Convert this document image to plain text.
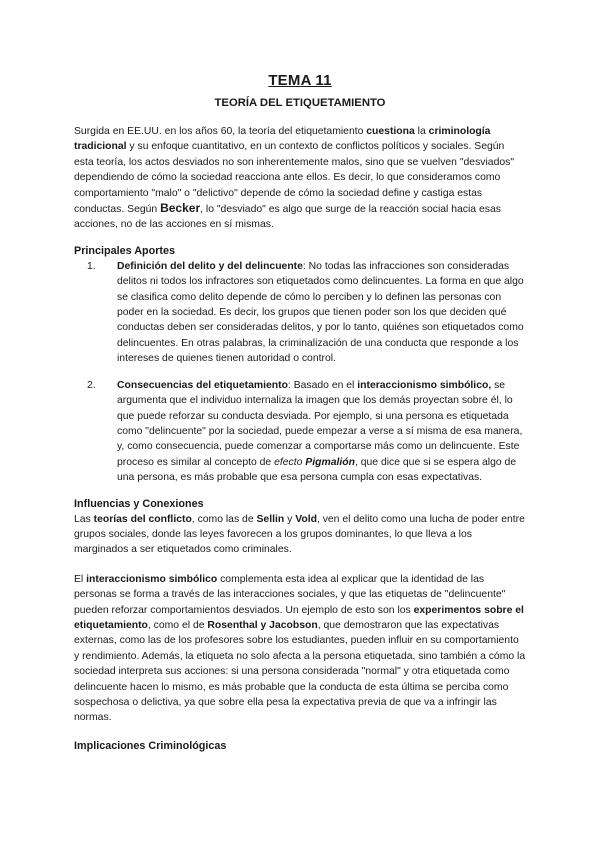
TEMA 11
TEORÍA DEL ETIQUETAMIENTO

Surgida en EE.UU. en los años 60, la teoría del etiquetamiento cuestiona la criminología tradicional y su enfoque cuantitativo, en un contexto de conflictos políticos y sociales. Según esta teoría, los actos desviados no son inherentemente malos, sino que se vuelven "desviados" dependiendo de cómo la sociedad reacciona ante ellos. Es decir, lo que consideramos como comportamiento "malo" o "delictivo" depende de cómo la sociedad define y castiga estas conductas. Según Becker, lo "desviado" es algo que surge de la reacción social hacia esas acciones, no de las acciones en sí mismas.

Principales Aportes
1. Definición del delito y del delincuente: No todas las infracciones son consideradas delitos ni todos los infractores son etiquetados como delincuentes. La forma en que algo se clasifica como delito depende de cómo lo perciben y lo definen las personas con poder en la sociedad. Es decir, los grupos que tienen poder son los que deciden qué conductas deben ser consideradas delitos, y por lo tanto, quiénes son etiquetados como delincuentes. En otras palabras, la criminalización de una conducta que responde a los intereses de quienes tienen autoridad o control.

2. Consecuencias del etiquetamiento: Basado en el interaccionismo simbólico, se argumenta que el individuo internaliza la imagen que los demás proyectan sobre él, lo que puede reforzar su conducta desviada. Por ejemplo, si una persona es etiquetada como "delincuente" por la sociedad, puede empezar a verse a sí misma de esa manera, y, como consecuencia, puede comenzar a comportarse más como un delincuente. Este proceso es similar al concepto de efecto Pigmalión, que dice que si se espera algo de una persona, es más probable que esa persona cumpla con esas expectativas.

Influencias y Conexiones

Las teorías del conflicto, como las de Sellin y Vold, ven el delito como una lucha de poder entre grupos sociales, donde las leyes favorecen a los grupos dominantes, lo que lleva a los marginados a ser etiquetados como criminales.

El interaccionismo simbólico complementa esta idea al explicar que la identidad de las personas se forma a través de las interacciones sociales, y que las etiquetas de "delincuente" pueden reforzar comportamientos desviados. Un ejemplo de esto son los experimentos sobre el etiquetamiento, como el de Rosenthal y Jacobson, que demostraron que las expectativas externas, como las de los profesores sobre los estudiantes, pueden influir en su comportamiento y rendimiento. Además, la etiqueta no solo afecta a la persona etiquetada, sino también a cómo la sociedad interpreta sus acciones: si una persona considerada "normal" y otra etiquetada como delincuente hacen lo mismo, es más probable que la conducta de esta última se perciba como sospechosa o delictiva, ya que sobre ella pesa la expectativa previa de que va a infringir las normas.

Implicaciones Criminológicas
